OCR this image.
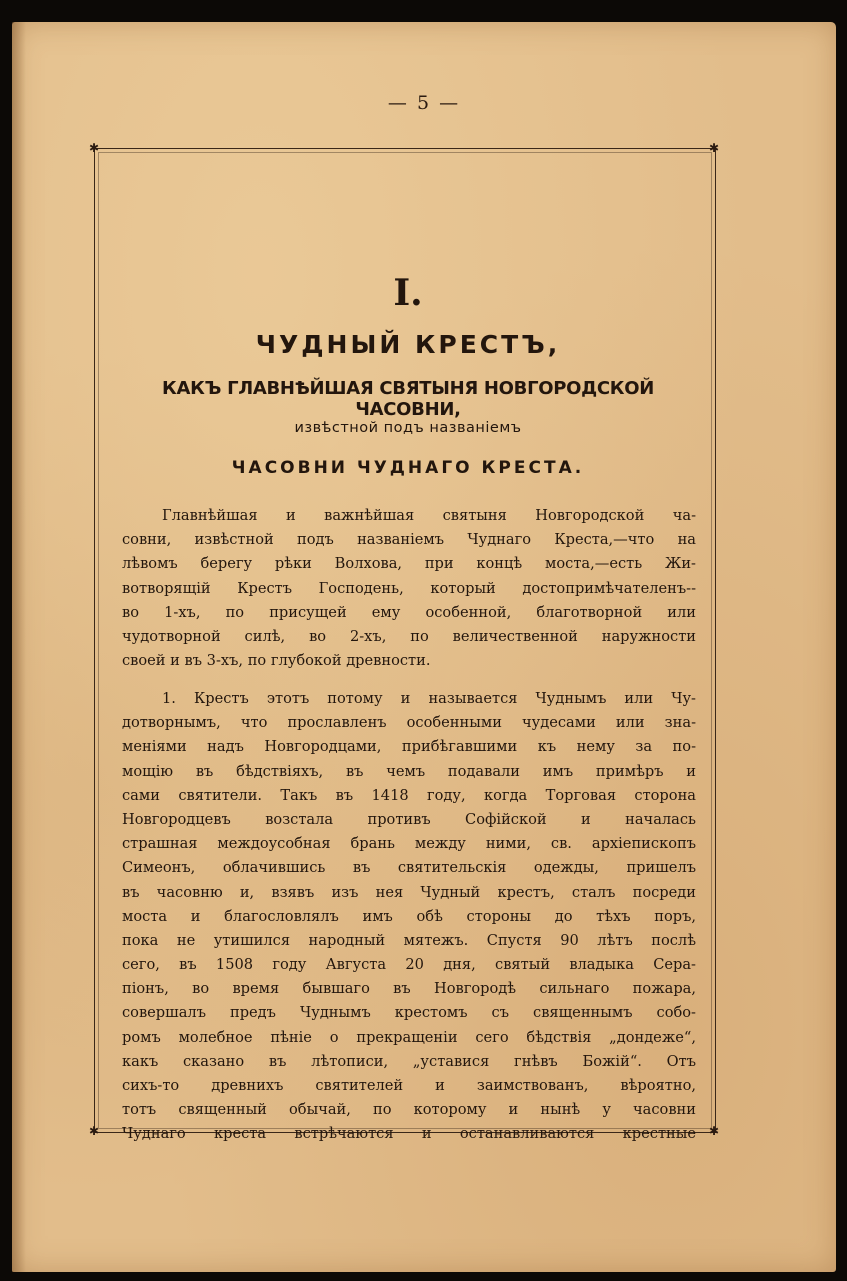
— 5 —
✱	✱
✱	✱
I.
ЧУДНЫЙ КРЕСТЪ,
КАКЪ ГЛАВНѢЙШАЯ СВЯТЫНЯ НОВГОРОДСКОЙ ЧАСОВНИ,
извѣстной подъ названіемъ
ЧАСОВНИ ЧУДНАГО КРЕСТА.
Главнѣйшая и важнѣйшая святыня Новгородской ча-
совни, извѣстной подъ названіемъ Чуднаго Креста,—что на
лѣвомъ берегу рѣки Волхова, при концѣ моста,—есть Жи-
вотворящій Крестъ Господень, который достопримѣчателенъ--
во 1-хъ, по присущей ему особенной, благотворной или
чудотворной силѣ, во 2-хъ, по величественной наружности
своей и въ 3-хъ, по глубокой древности.
1. Крестъ этотъ потому и называется Чуднымъ или Чу-
дотворнымъ, что прославленъ особенными чудесами или зна-
меніями надъ Новгородцами, прибѣгавшими къ нему за по-
мощію въ бѣдствіяхъ, въ чемъ подавали имъ примѣръ и
сами святители. Такъ въ 1418 году, когда Торговая сторона
Новгородцевъ возстала противъ Софійской и началась
страшная междоусобная брань между ними, св. архіепископъ
Симеонъ, облачившись въ святительскія одежды, пришелъ
въ часовню и, взявъ изъ нея Чудный крестъ, сталъ посреди
моста и благословлялъ имъ обѣ стороны до тѣхъ поръ,
пока не утишился народный мятежъ. Спустя 90 лѣтъ послѣ
сего, въ 1508 году Августа 20 дня, святый владыка Сера-
піонъ, во время бывшаго въ Новгородѣ сильнаго пожара,
совершалъ предъ Чуднымъ крестомъ съ священнымъ собо-
ромъ молебное пѣніе о прекращеніи сего бѣдствія „дондеже“,
какъ сказано въ лѣтописи, „уставися гнѣвъ Божій“. Отъ
сихъ-то древнихъ святителей и заимствованъ, вѣроятно,
тотъ священный обычай, по которому и нынѣ у часовни
Чуднаго креста встрѣчаются и останавливаются крестные
